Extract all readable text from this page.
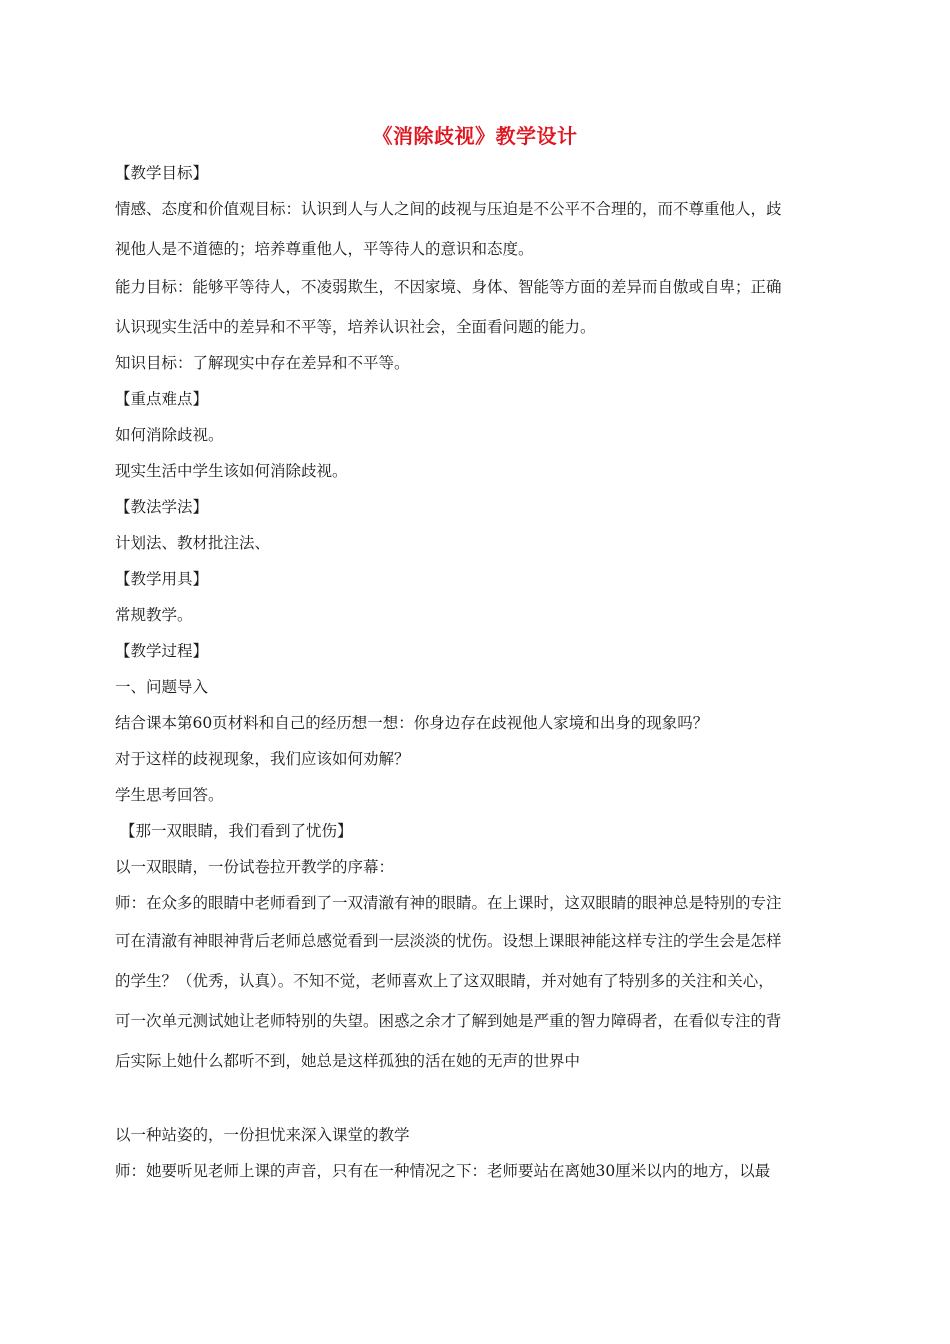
《消除歧视》教学设计
【教学目标】
情感、态度和价值观目标：认识到人与人之间的歧视与压迫是不公平不合理的，而不尊重他人，歧
视他人是不道德的；培养尊重他人，平等待人的意识和态度。
能力目标：能够平等待人，不凌弱欺生，不因家境、身体、智能等方面的差异而自傲或自卑；正确
认识现实生活中的差异和不平等，培养认识社会，全面看问题的能力。
知识目标：了解现实中存在差异和不平等。
【重点难点】
如何消除歧视。
现实生活中学生该如何消除歧视。
【教法学法】
计划法、教材批注法、
【教学用具】
常规教学。
【教学过程】
一、问题导入
结合课本第60页材料和自己的经历想一想：你身边存在歧视他人家境和出身的现象吗？
对于这样的歧视现象，我们应该如何劝解？
学生思考回答。
【那一双眼睛，我们看到了忧伤】
以一双眼睛，一份试卷拉开教学的序幕：
师：在众多的眼睛中老师看到了一双清澈有神的眼睛。在上课时，这双眼睛的眼神总是特别的专注
可在清澈有神眼神背后老师总感觉看到一层淡淡的忧伤。设想上课眼神能这样专注的学生会是怎样
的学生？（优秀，认真）。不知不觉，老师喜欢上了这双眼睛，并对她有了特别多的关注和关心，
可一次单元测试她让老师特别的失望。困惑之余才了解到她是严重的智力障碍者，在看似专注的背
后实际上她什么都听不到，她总是这样孤独的活在她的无声的世界中
以一种站姿的，一份担忧来深入课堂的教学
师：她要听见老师上课的声音，只有在一种情况之下：老师要站在离她30厘米以内的地方，以最
